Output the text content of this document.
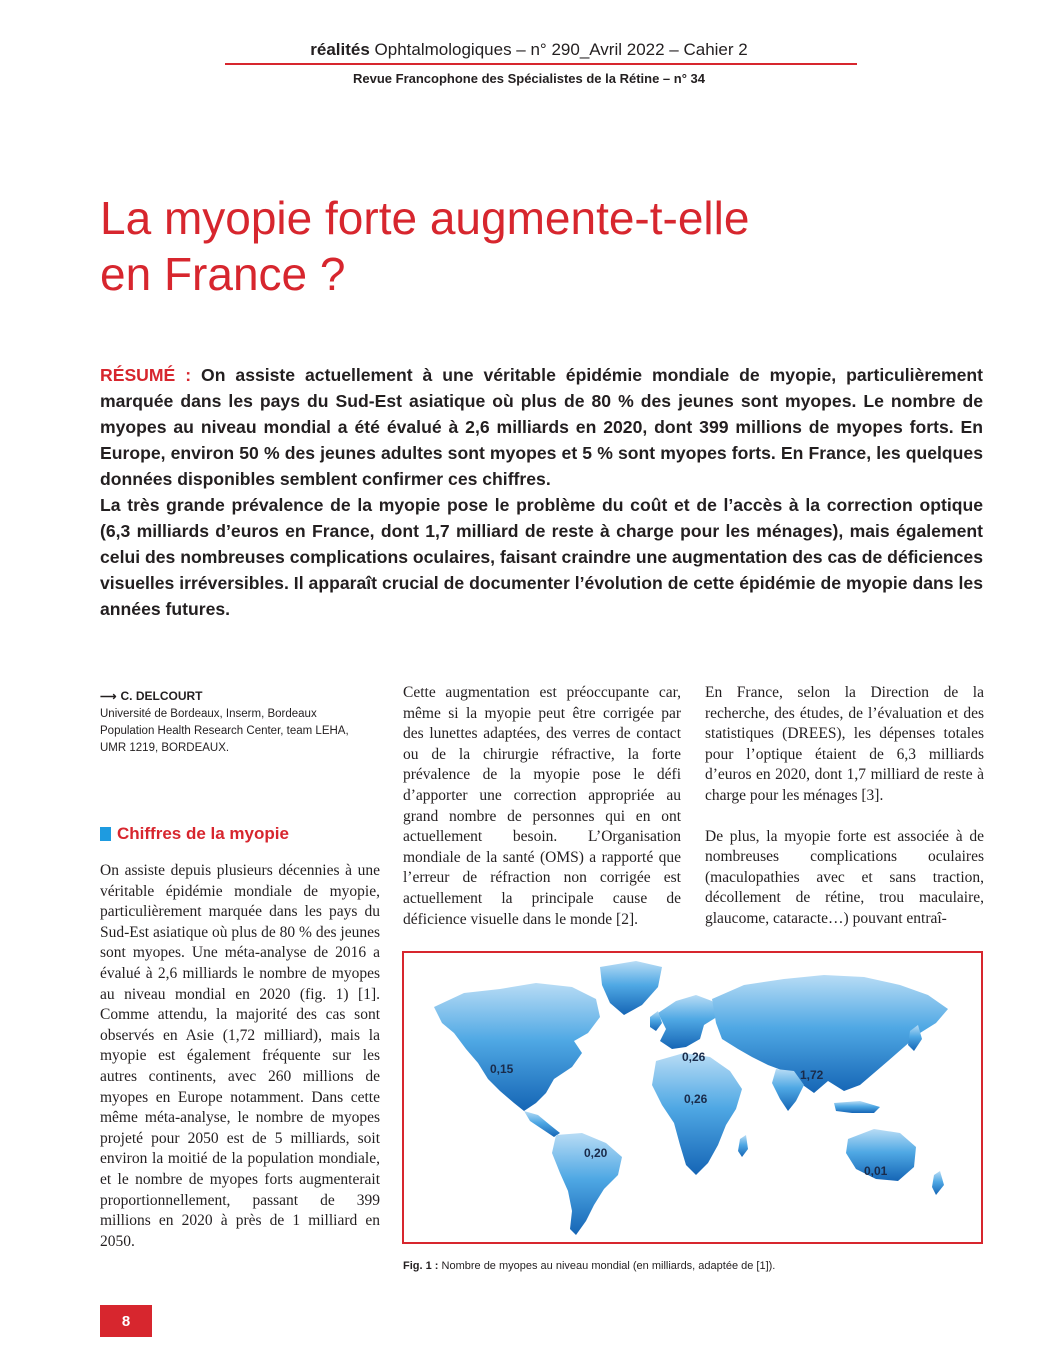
réalités Ophtalmologiques – n° 290_Avril 2022 – Cahier 2
Revue Francophone des Spécialistes de la Rétine – n° 34
La myopie forte augmente-t-elle
en France ?

RÉSUMÉ : On assiste actuellement à une véritable épidémie mondiale de myopie, particulièrement marquée dans les pays du Sud-Est asiatique où plus de 80 % des jeunes sont myopes. Le nombre de myopes au niveau mondial a été évalué à 2,6 milliards en 2020, dont 399 millions de myopes forts. En Europe, environ 50 % des jeunes adultes sont myopes et 5 % sont myopes forts. En France, les quelques données disponibles semblent confirmer ces chiffres.

La très grande prévalence de la myopie pose le problème du coût et de l’accès à la correction optique (6,3 milliards d’euros en France, dont 1,7 milliard de reste à charge pour les ménages), mais également celui des nombreuses complications oculaires, faisant craindre une augmentation des cas de déficiences visuelles irréversibles. Il apparaît crucial de documenter l’évolution de cette épidémie de myopie dans les années futures.

⟶ C. DELCOURT
Université de Bordeaux, Inserm, Bordeaux
Population Health Research Center, team LEHA,
UMR 1219, BORDEAUX.
Chiffres de la myopie

On assiste depuis plusieurs décennies à une véritable épidémie mondiale de myopie, particulièrement marquée dans les pays du Sud-Est asiatique où plus de 80 % des jeunes sont myopes. Une méta-analyse de 2016 a évalué à 2,6 milliards le nombre de myopes au niveau mondial en 2020 (fig. 1) [1]. Comme attendu, la majorité des cas sont observés en Asie (1,72 milliard), mais la myopie est également fréquente sur les autres continents, avec 260 millions de myopes en Europe notamment. Dans cette même méta-analyse, le nombre de myopes projeté pour 2050 est de 5 milliards, soit environ la moitié de la population mondiale, et le nombre de myopes forts augmenterait proportionnellement, passant de 399 millions en 2020 à près de 1 milliard en 2050.

Cette augmentation est préoccupante car, même si la myopie peut être corrigée par des lunettes adaptées, des verres de contact ou de la chirurgie réfractive, la forte prévalence de la myopie pose le défi d’apporter une correction appropriée au grand nombre de personnes qui en ont actuellement besoin. L’Organisation mondiale de la santé (OMS) a rapporté que l’erreur de réfraction non corrigée est actuellement la principale cause de déficience visuelle dans le monde [2].

En France, selon la Direction de la recherche, des études, de l’évaluation et des statistiques (DREES), les dépenses totales pour l’optique étaient de 6,3 milliards d’euros en 2020, dont 1,7 milliard de reste à charge pour les ménages [3].

De plus, la myopie forte est associée à de nombreuses complications oculaires (maculopathies avec et sans traction, décollement de rétine, trou maculaire, glaucome, cataracte…) pouvant entraî-

0,15
0,26
0,26
1,72
0,20
0,01
Fig. 1 : Nombre de myopes au niveau mondial (en milliards, adaptée de [1]).
8
